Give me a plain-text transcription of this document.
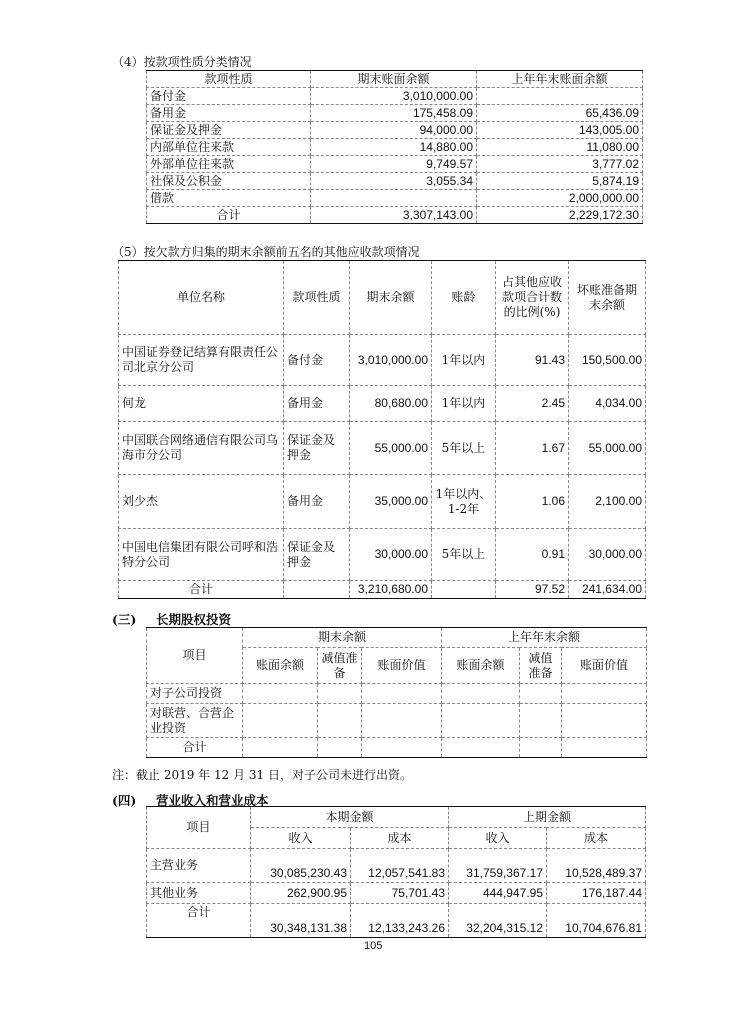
（4）按款项性质分类情况
款项性质	期末账面余额	上年年末账面余额
备付金	3,010,000.00	
备用金	175,458.09	65,436.09
保证金及押金	94,000.00	143,005.00
内部单位往来款	14,880.00	11,080.00
外部单位往来款	9,749.57	3,777.02
社保及公积金	3,055.34	5,874.19
借款		2,000,000.00
合计	3,307,143.00	2,229,172.30
（5）按欠款方归集的期末余额前五名的其他应收款项情况
单位名称	款项性质	期末余额	账龄	占其他应收款项合计数的比例(%)	坏账准备期末余额
中国证券登记结算有限责任公司北京分公司	备付金	3,010,000.00	1年以内	91.43	150,500.00
何龙	备用金	80,680.00	1年以内	2.45	4,034.00
中国联合网络通信有限公司乌海市分公司	保证金及押金	55,000.00	5年以上	1.67	55,000.00
刘少杰	备用金	35,000.00	1年以内、1-2年	1.06	2,100.00
中国电信集团有限公司呼和浩特分公司	保证金及押金	30,000.00	5年以上	0.91	30,000.00
合计		3,210,680.00		97.52	241,634.00
(三) 长期股权投资
项目	期末余额			上年年末余额		
	账面余额	减值准备	账面价值	账面余额	减值准备	账面价值
对子公司投资						
对联营、合营企业投资						
合计						
注：截止 2019 年 12 月 31 日，对子公司未进行出资。
(四) 营业收入和营业成本
项目	本期金额		上期金额	
	收入	成本	收入	成本
主营业务	30,085,230.43	12,057,541.83	31,759,367.17	10,528,489.37
其他业务	262,900.95	75,701.43	444,947.95	176,187.44
合计	30,348,131.38	12,133,243.26	32,204,315.12	10,704,676.81
105
